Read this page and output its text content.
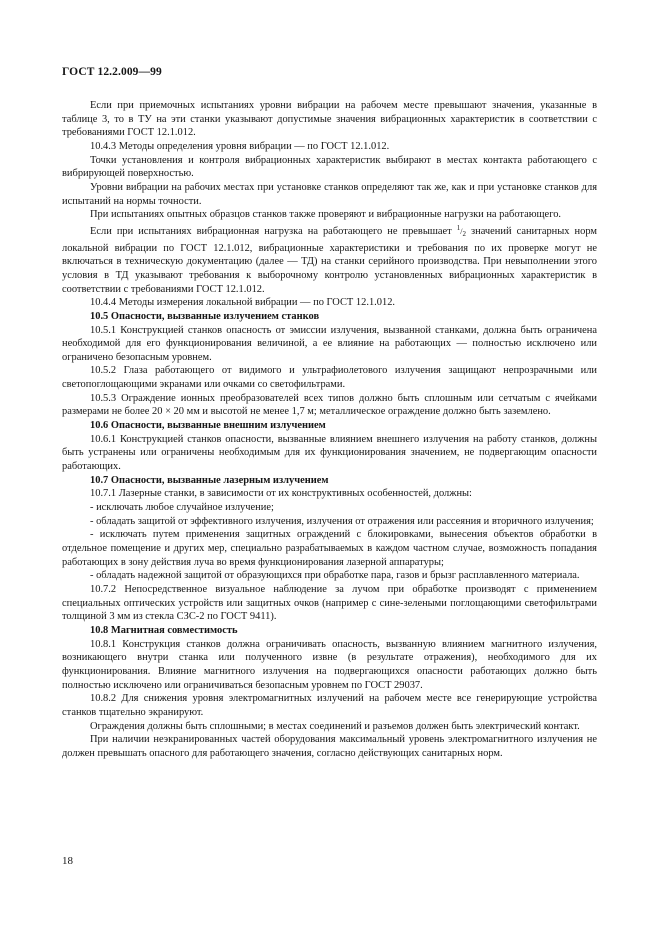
ГОСТ 12.2.009—99

Если при приемочных испытаниях уровни вибрации на рабочем месте превышают значения, указанные в таблице 3, то в ТУ на эти станки указывают допустимые значения вибрационных характеристик в соответствии с требованиями ГОСТ 12.1.012.

10.4.3 Методы определения уровня вибрации — по ГОСТ 12.1.012.

Точки установления и контроля вибрационных характеристик выбирают в местах контакта работающего с вибрирующей поверхностью.

Уровни вибрации на рабочих местах при установке станков определяют так же, как и при установке станков для испытаний на нормы точности.

При испытаниях опытных образцов станков также проверяют и вибрационные нагрузки на работающего.

Если при испытаниях вибрационная нагрузка на работающего не превышает $^1/_2$ значений санитарных норм локальной вибрации по ГОСТ 12.1.012, вибрационные характеристики и требования по их проверке могут не включаться в техническую документацию (далее — ТД) на станки серийного производства. При невыполнении этого условия в ТД указывают требования к выборочному контролю установленных вибрационных характеристик в соответствии с требованиями ГОСТ 12.1.012.

10.4.4 Методы измерения локальной вибрации — по ГОСТ 12.1.012.

10.5 Опасности, вызванные излучением станков

10.5.1 Конструкцией станков опасность от эмиссии излучения, вызванной станками, должна быть ограничена необходимой для его функционирования величиной, а ее влияние на работающих — полностью исключено или ограничено безопасным уровнем.

10.5.2 Глаза работающего от видимого и ультрафиолетового излучения защищают непрозрачными или светопоглощающими экранами или очками со светофильтрами.

10.5.3 Ограждение ионных преобразователей всех типов должно быть сплошным или сетчатым с ячейками размерами не более 20 × 20 мм и высотой не менее 1,7 м; металлическое ограждение должно быть заземлено.

10.6 Опасности, вызванные внешним излучением

10.6.1 Конструкцией станков опасности, вызванные влиянием внешнего излучения на работу станков, должны быть устранены или ограничены необходимым для их функционирования значением, не подвергающим опасности работающих.

10.7 Опасности, вызванные лазерным излучением

10.7.1 Лазерные станки, в зависимости от их конструктивных особенностей, должны:

- исключать любое случайное излучение;

- обладать защитой от эффективного излучения, излучения от отражения или рассеяния и вторичного излучения;

- исключать путем применения защитных ограждений с блокировками, вынесения объектов обработки в отдельное помещение и других мер, специально разрабатываемых в каждом частном случае, возможность попадания работающих в зону действия луча во время функционирования лазерной аппаратуры;

- обладать надежной защитой от образующихся при обработке пара, газов и брызг расплавленного материала.

10.7.2 Непосредственное визуальное наблюдение за лучом при обработке производят с применением специальных оптических устройств или защитных очков (например с сине-зелеными поглощающими светофильтрами толщиной 3 мм из стекла СЗС-2 по ГОСТ 9411).

10.8 Магнитная совместимость

10.8.1 Конструкция станков должна ограничивать опасность, вызванную влиянием магнитного излучения, возникающего внутри станка или полученного извне (в результате отражения), необходимого для их функционирования. Влияние магнитного излучения на подвергающихся опасности работающих должно быть полностью исключено или ограничиваться безопасным уровнем по ГОСТ 29037.

10.8.2 Для снижения уровня электромагнитных излучений на рабочем месте все генерирующие устройства станков тщательно экранируют.

Ограждения должны быть сплошными; в местах соединений и разъемов должен быть электрический контакт.

При наличии неэкранированных частей оборудования максимальный уровень электромагнитного излучения не должен превышать опасного для работающего значения, согласно действующих санитарных норм.

18
